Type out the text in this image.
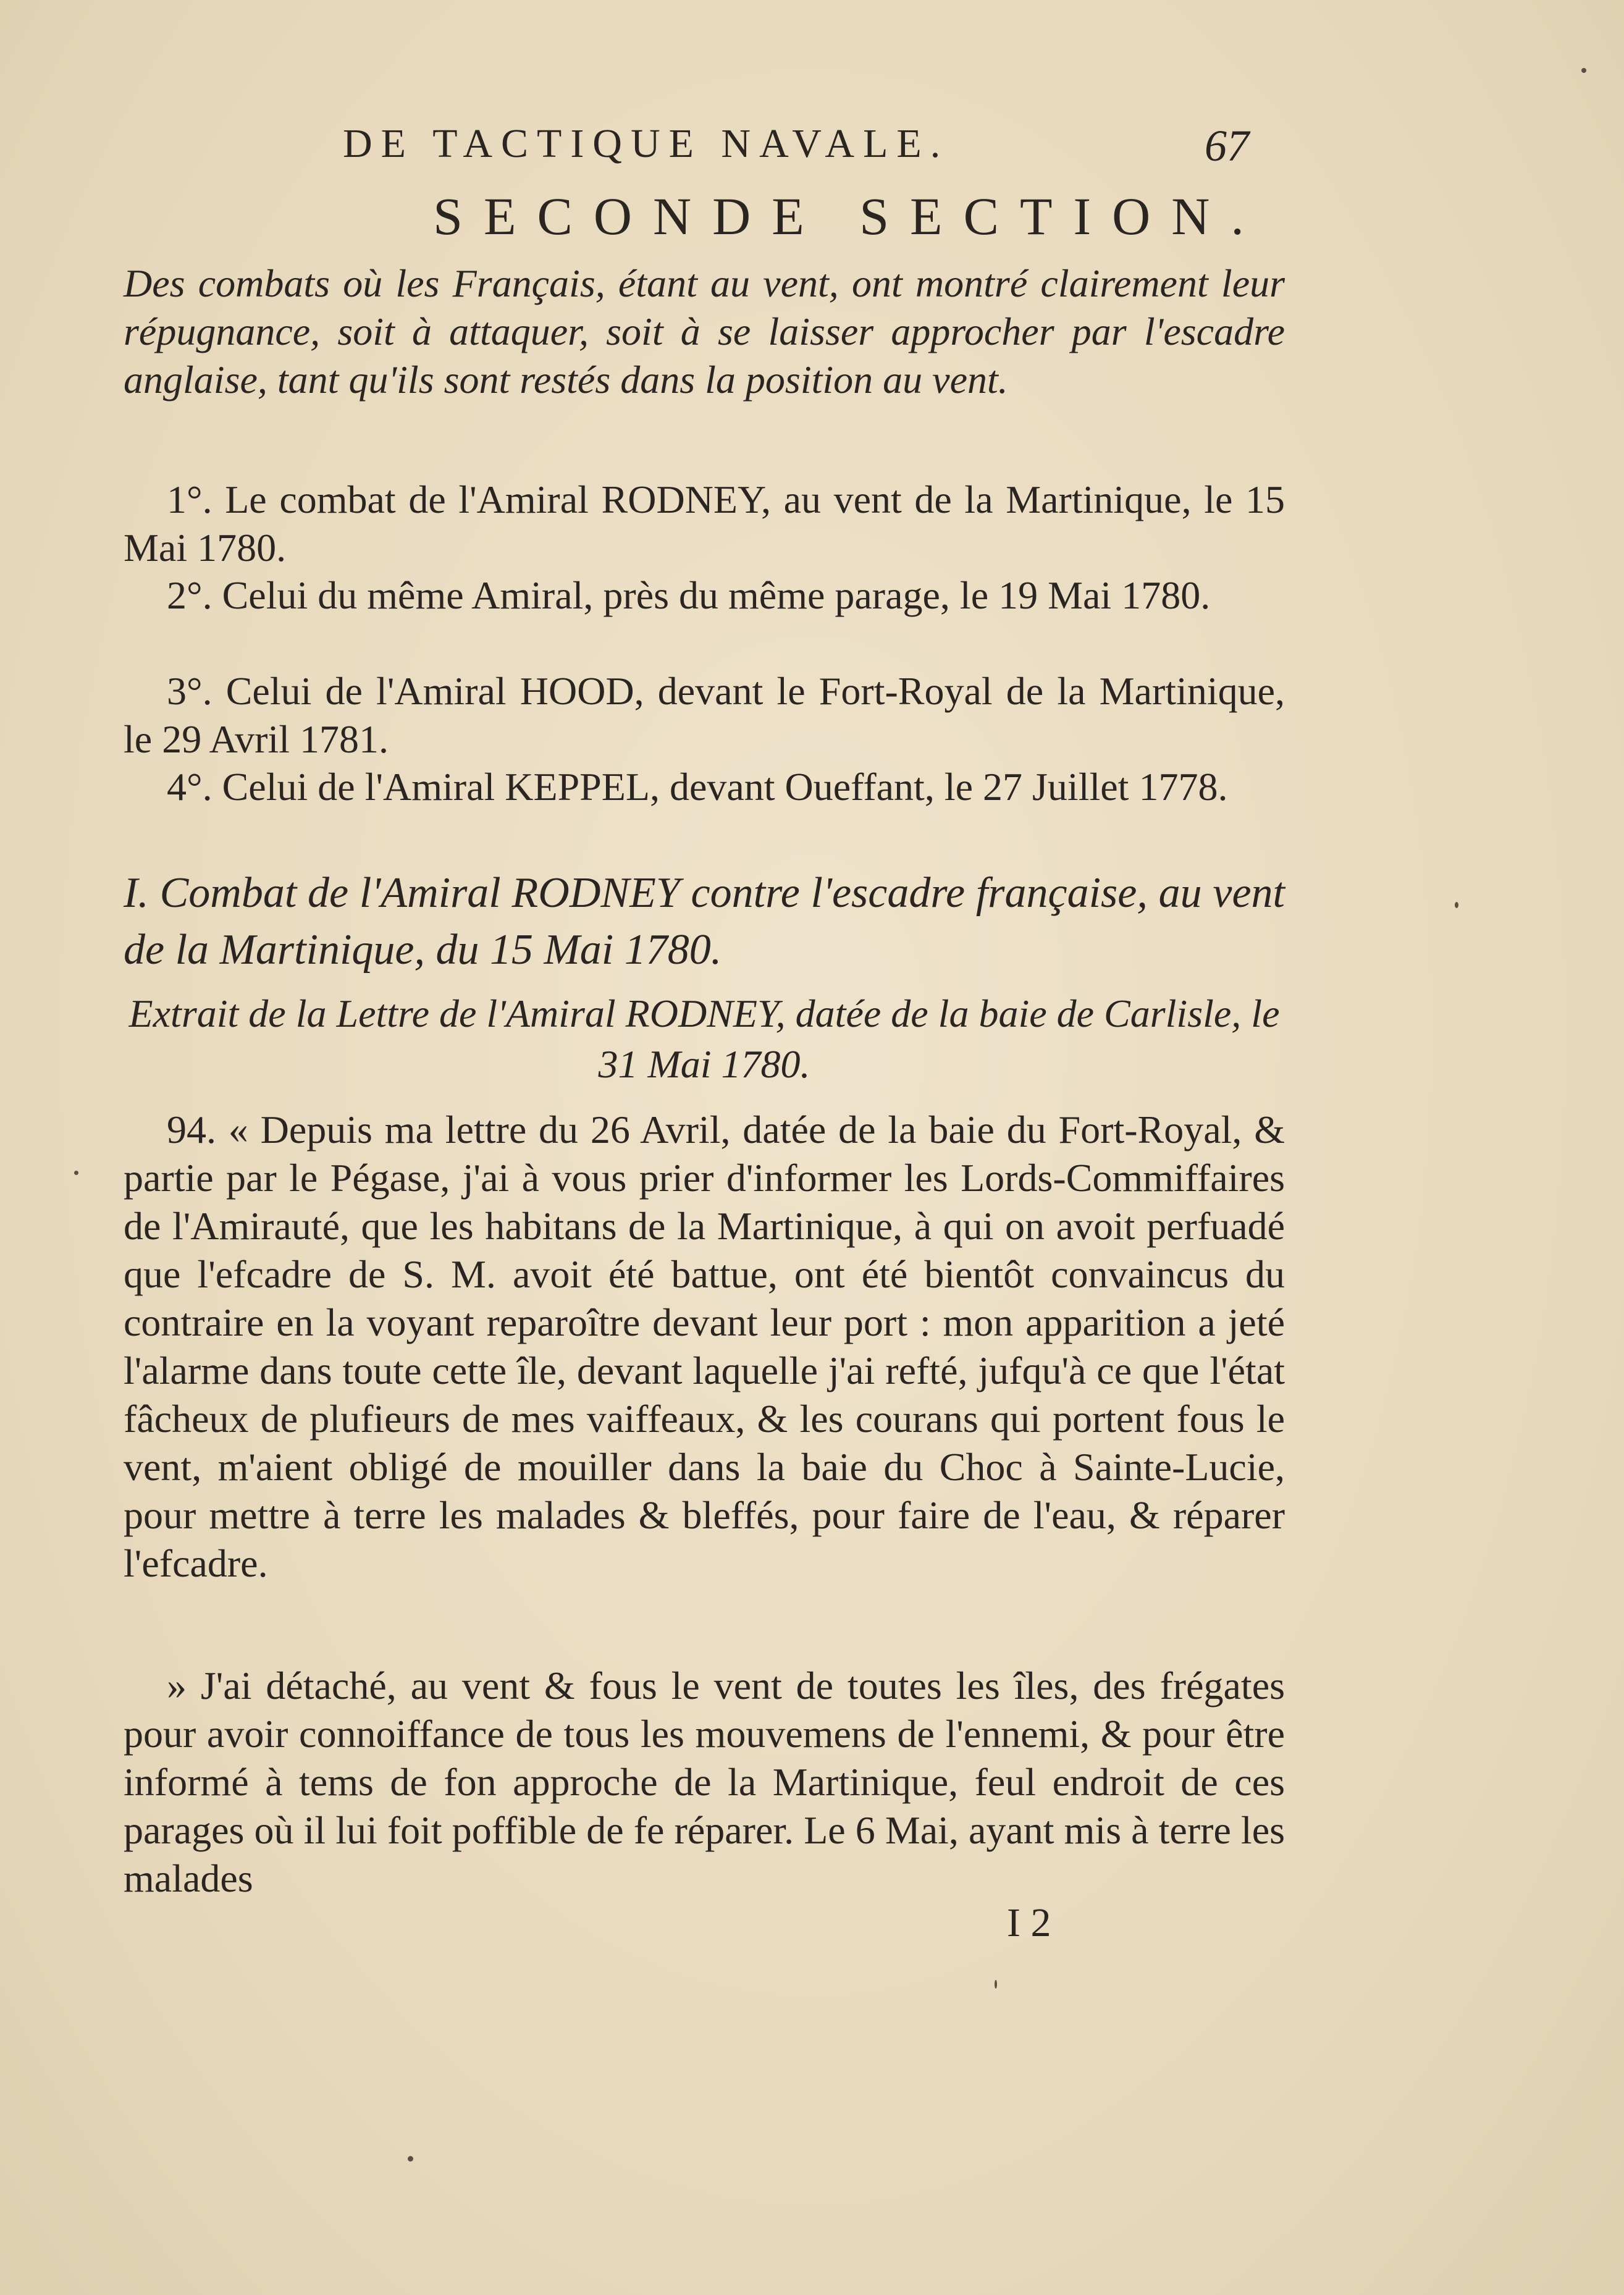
DE TACTIQUE NAVALE.	67
SECONDE SECTION.
Des combats où les Français, étant au vent, ont montré clairement leur répugnance, soit à attaquer, soit à se laisser approcher par l'escadre anglaise, tant qu'ils sont restés dans la position au vent.
1°. Le combat de l'Amiral RODNEY, au vent de la Martinique, le 15 Mai 1780.
2°. Celui du même Amiral, près du même parage, le 19 Mai 1780.
3°. Celui de l'Amiral HOOD, devant le Fort-Royal de la Martinique, le 29 Avril 1781.
4°. Celui de l'Amiral KEPPEL, devant Oueffant, le 27 Juillet 1778.
I. Combat de l'Amiral RODNEY contre l'escadre française, au vent de la Martinique, du 15 Mai 1780.
Extrait de la Lettre de l'Amiral RODNEY, datée de la baie de Carlisle, le 31 Mai 1780.
94. « Depuis ma lettre du 26 Avril, datée de la baie du Fort-Royal, & partie par le Pégase, j'ai à vous prier d'informer les Lords-Commiffaires de l'Amirauté, que les habitans de la Martinique, à qui on avoit perfuadé que l'efcadre de S. M. avoit été battue, ont été bientôt convaincus du contraire en la voyant reparoître devant leur port : mon apparition a jeté l'alarme dans toute cette île, devant laquelle j'ai refté, jufqu'à ce que l'état fâcheux de plufieurs de mes vaiffeaux, & les courans qui portent fous le vent, m'aient obligé de mouiller dans la baie du Choc à Sainte-Lucie, pour mettre à terre les malades & bleffés, pour faire de l'eau, & réparer l'efcadre.
» J'ai détaché, au vent & fous le vent de toutes les îles, des frégates pour avoir connoiffance de tous les mouvemens de l'ennemi, & pour être informé à tems de fon approche de la Martinique, feul endroit de ces parages où il lui foit poffible de fe réparer. Le 6 Mai, ayant mis à terre les malades
I 2
